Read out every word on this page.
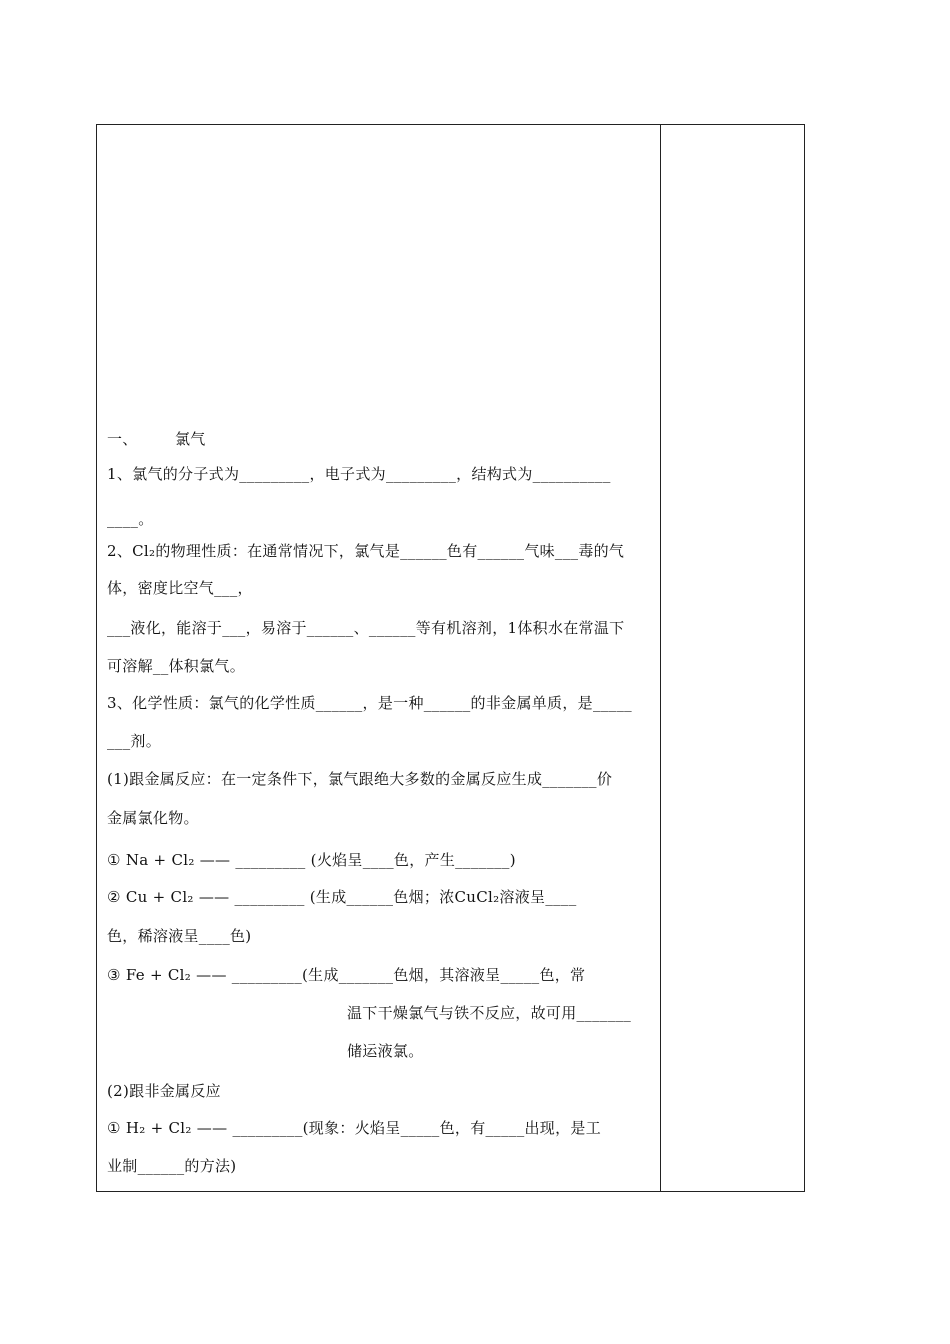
一、 氯气
1、氯气的分子式为_________，电子式为_________，结构式为__________
____。
2、Cl₂的物理性质：在通常情况下，氯气是______色有______气味___毒的气
体，密度比空气___，
___液化，能溶于___，易溶于______、______等有机溶剂，1体积水在常温下
可溶解__体积氯气。
3、化学性质：氯气的化学性质______，是一种______的非金属单质，是_____
___剂。
(1)跟金属反应：在一定条件下，氯气跟绝大多数的金属反应生成_______价
金属氯化物。
① Na + Cl₂ —— _________ (火焰呈____色，产生_______)
② Cu + Cl₂ —— _________ (生成______色烟；浓CuCl₂溶液呈____
色，稀溶液呈____色)
③ Fe + Cl₂ —— _________(生成_______色烟，其溶液呈_____色，常
温下干燥氯气与铁不反应，故可用_______
储运液氯。
(2)跟非金属反应
① H₂ + Cl₂ —— _________(现象：火焰呈_____色，有_____出现，是工
业制______的方法)
